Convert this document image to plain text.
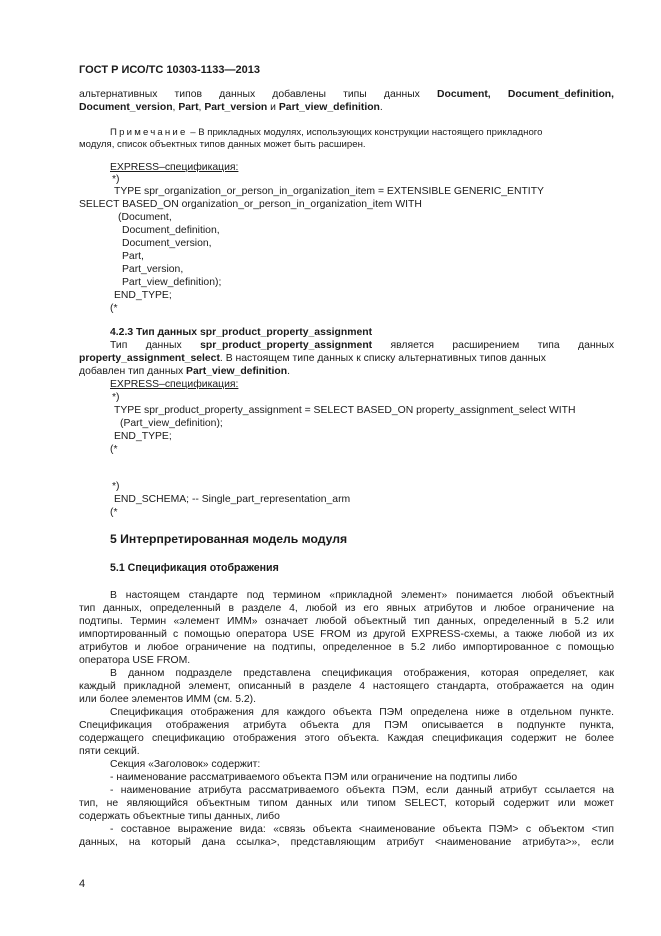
ГОСТ Р ИСО/ТС 10303-1133—2013
альтернативных типов данных добавлены типы данных Document, Document_definition,
Document_version, Part, Part_version и Part_view_definition.
Примечание – В прикладных модулях, использующих конструкции настоящего прикладного
модуля, список объектных типов данных может быть расширен.
EXPRESS–спецификация:
*)
TYPE spr_organization_or_person_in_organization_item = EXTENSIBLE GENERIC_ENTITY
SELECT BASED_ON organization_or_person_in_organization_item WITH
(Document,
Document_definition,
Document_version,
Part,
Part_version,
Part_view_definition);
END_TYPE;
(*
4.2.3 Тип данных spr_product_property_assignment
Тип данных spr_product_property_assignment является расширением типа данных
property_assignment_select. В настоящем типе данных к списку альтернативных типов данных
добавлен тип данных Part_view_definition.
EXPRESS–спецификация:
*)
TYPE spr_product_property_assignment = SELECT BASED_ON property_assignment_select WITH
(Part_view_definition);
END_TYPE;
(*
*)
END_SCHEMA; -- Single_part_representation_arm
(*
5 Интерпретированная модель модуля
5.1 Спецификация отображения
В настоящем стандарте под термином «прикладной элемент» понимается любой объектный
тип данных, определенный в разделе 4, любой из его явных атрибутов и любое ограничение на
подтипы. Термин «элемент ИММ» означает любой объектный тип данных, определенный в 5.2 или
импортированный с помощью оператора USE FROM из другой EXPRESS-схемы, а также любой из их
атрибутов и любое ограничение на подтипы, определенное в 5.2 либо импортированное с помощью
оператора USE FROM.
В данном подразделе представлена спецификация отображения, которая определяет, как
каждый прикладной элемент, описанный в разделе 4 настоящего стандарта, отображается на один
или более элементов ИММ (см. 5.2).
Спецификация отображения для каждого объекта ПЭМ определена ниже в отдельном пункте.
Спецификация отображения атрибута объекта для ПЭМ описывается в подпункте пункта,
содержащего спецификацию отображения этого объекта. Каждая спецификация содержит не более
пяти секций.
Секция «Заголовок» содержит:
- наименование рассматриваемого объекта ПЭМ или ограничение на подтипы либо
- наименование атрибута рассматриваемого объекта ПЭМ, если данный атрибут ссылается на
тип, не являющийся объектным типом данных или типом SELECT, который содержит или может
содержать объектные типы данных, либо
- составное выражение вида: «связь объекта <наименование объекта ПЭМ> с объектом <тип
данных, на который дана ссылка>, представляющим атрибут <наименование атрибута>», если
4
